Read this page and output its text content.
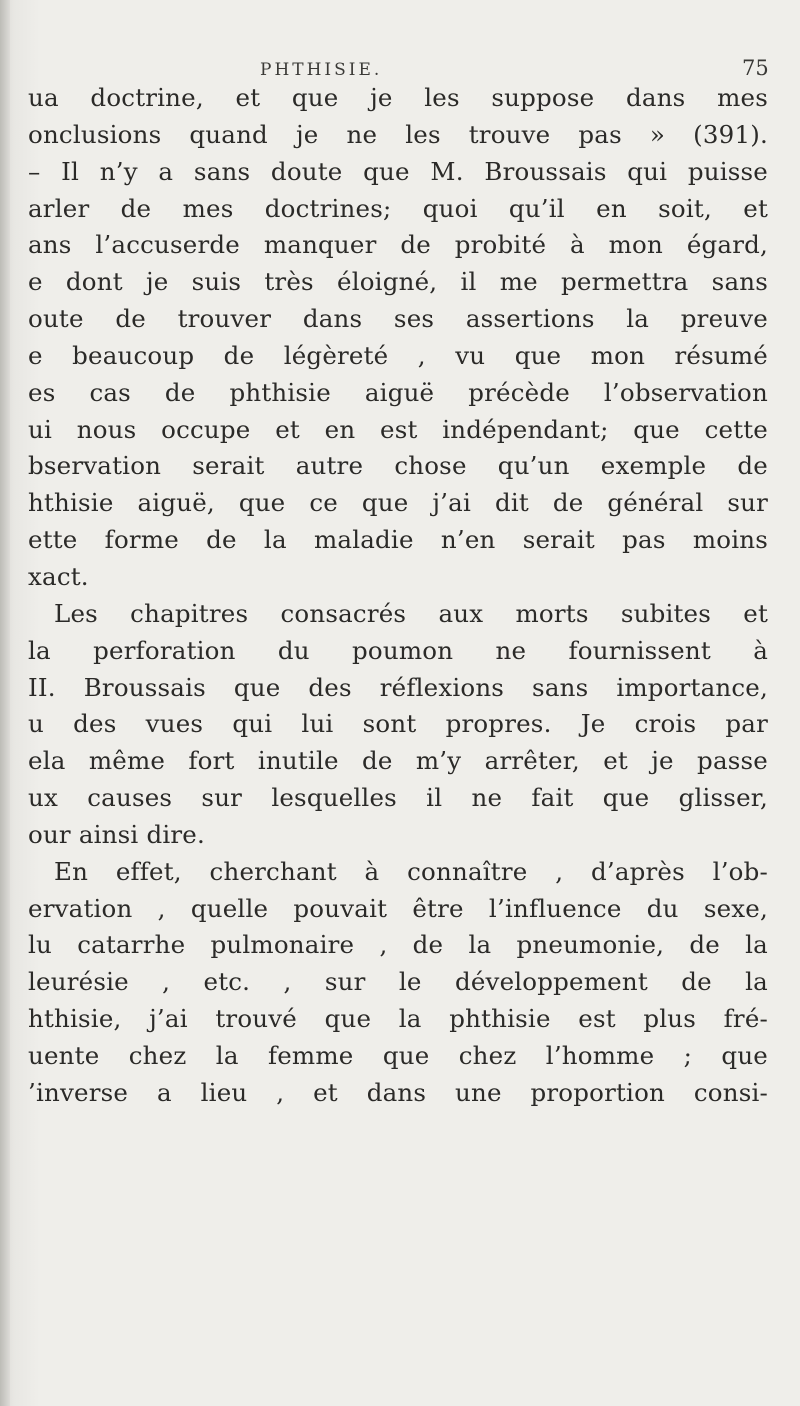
PHTHISIE.	75
ua doctrine, et que je les suppose dans mes
onclusions quand je ne les trouve pas » (391).
– Il n’y a sans doute que M. Broussais qui puisse
arler de mes doctrines; quoi qu’il en soit, et
ans l’accuserde manquer de probité à mon égard,
e dont je suis très éloigné, il me permettra sans
oute de trouver dans ses assertions la preuve
e beaucoup de légèreté , vu que mon résumé
es cas de phthisie aiguë précède l’observation
ui nous occupe et en est indépendant; que cette
bservation serait autre chose qu’un exemple de
hthisie aiguë, que ce que j’ai dit de général sur
ette forme de la maladie n’en serait pas moins
xact.
Les chapitres consacrés aux morts subites et
la perforation du poumon ne fournissent à
II. Broussais que des réflexions sans importance,
u des vues qui lui sont propres. Je crois par
ela même fort inutile de m’y arrêter, et je passe
ux causes sur lesquelles il ne fait que glisser,
our ainsi dire.
En effet, cherchant à connaître , d’après l’ob-
ervation , quelle pouvait être l’influence du sexe,
lu catarrhe pulmonaire , de la pneumonie, de la
leurésie , etc. , sur le développement de la
hthisie, j’ai trouvé que la phthisie est plus fré-
uente chez la femme que chez l’homme ; que
’inverse a lieu , et dans une proportion consi-
